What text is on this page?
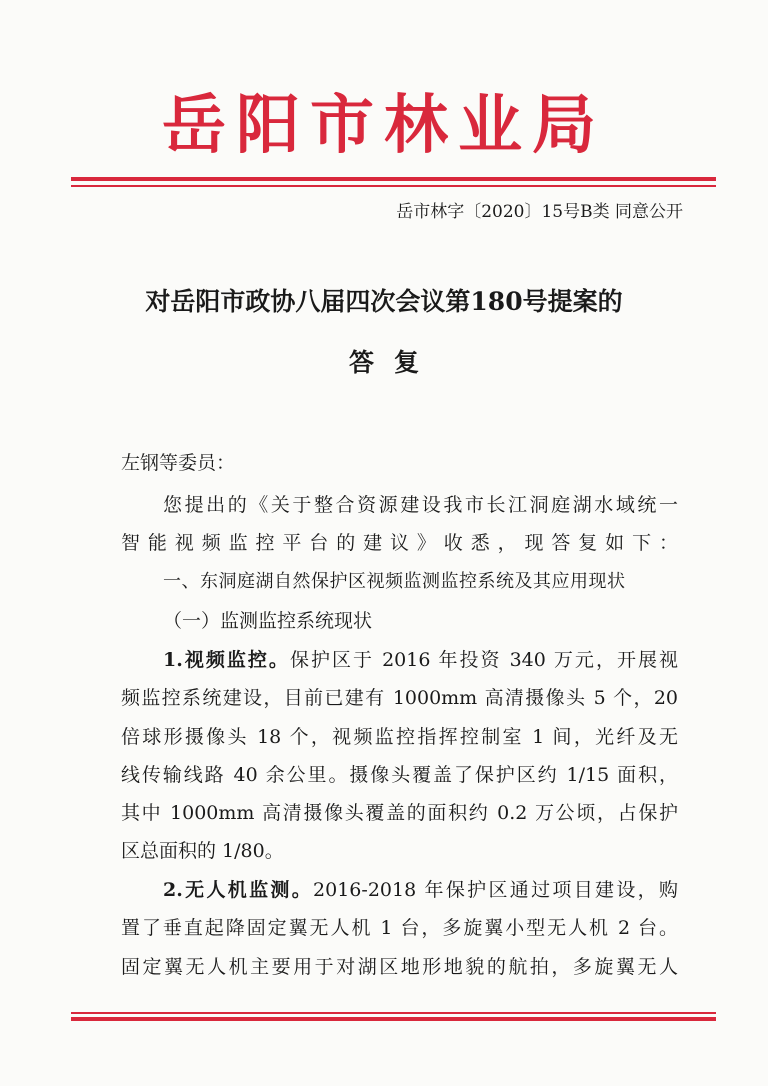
岳阳市林业局
岳市林字〔2020〕15号B类 同意公开
对岳阳市政协八届四次会议第180号提案的
答复
左钢等委员：
您提出的《关于整合资源建设我市长江洞庭湖水域统一
智能视频监控平台的建议》收悉，现答复如下：
一、东洞庭湖自然保护区视频监测监控系统及其应用现状
（一）监测监控系统现状
1.视频监控。保护区于 2016 年投资 340 万元，开展视
频监控系统建设，目前已建有 1000mm 高清摄像头 5 个，20
倍球形摄像头 18 个，视频监控指挥控制室 1 间，光纤及无
线传输线路 40 余公里。摄像头覆盖了保护区约 1/15 面积，
其中 1000mm 高清摄像头覆盖的面积约 0.2 万公顷，占保护
区总面积的 1/80。
2.无人机监测。2016-2018 年保护区通过项目建设，购
置了垂直起降固定翼无人机 1 台，多旋翼小型无人机 2 台。
固定翼无人机主要用于对湖区地形地貌的航拍，多旋翼无人
